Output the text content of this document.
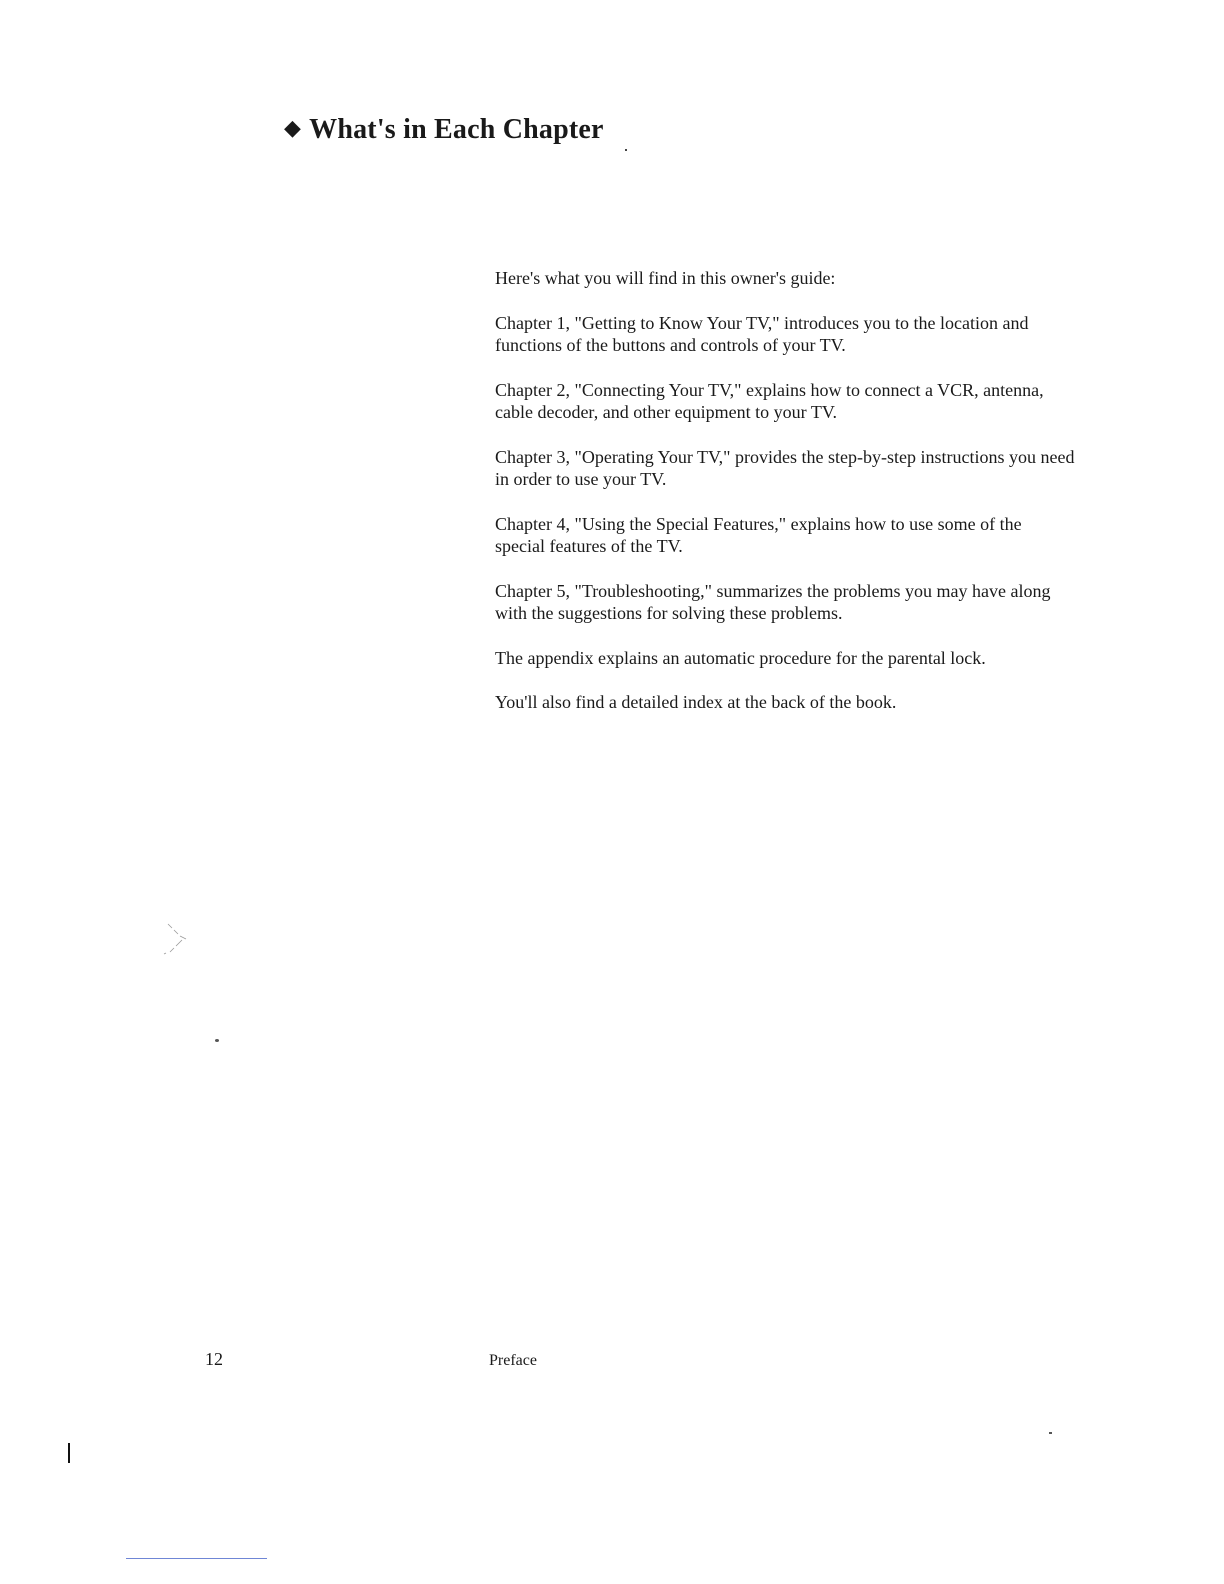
◆ What's in Each Chapter

Here's what you will find in this owner's guide:

Chapter 1, "Getting to Know Your TV," introduces you to the location and functions of the buttons and controls of your TV.

Chapter 2, "Connecting Your TV," explains how to connect a VCR, antenna, cable decoder, and other equipment to your TV.

Chapter 3, "Operating Your TV," provides the step-by-step instructions you need in order to use your TV.

Chapter 4, "Using the Special Features," explains how to use some of the special features of the TV.

Chapter 5, "Troubleshooting," summarizes the problems you may have along with the suggestions for solving these problems.

The appendix explains an automatic procedure for the parental lock.

You'll also find a detailed index at the back of the book.

12	Preface
